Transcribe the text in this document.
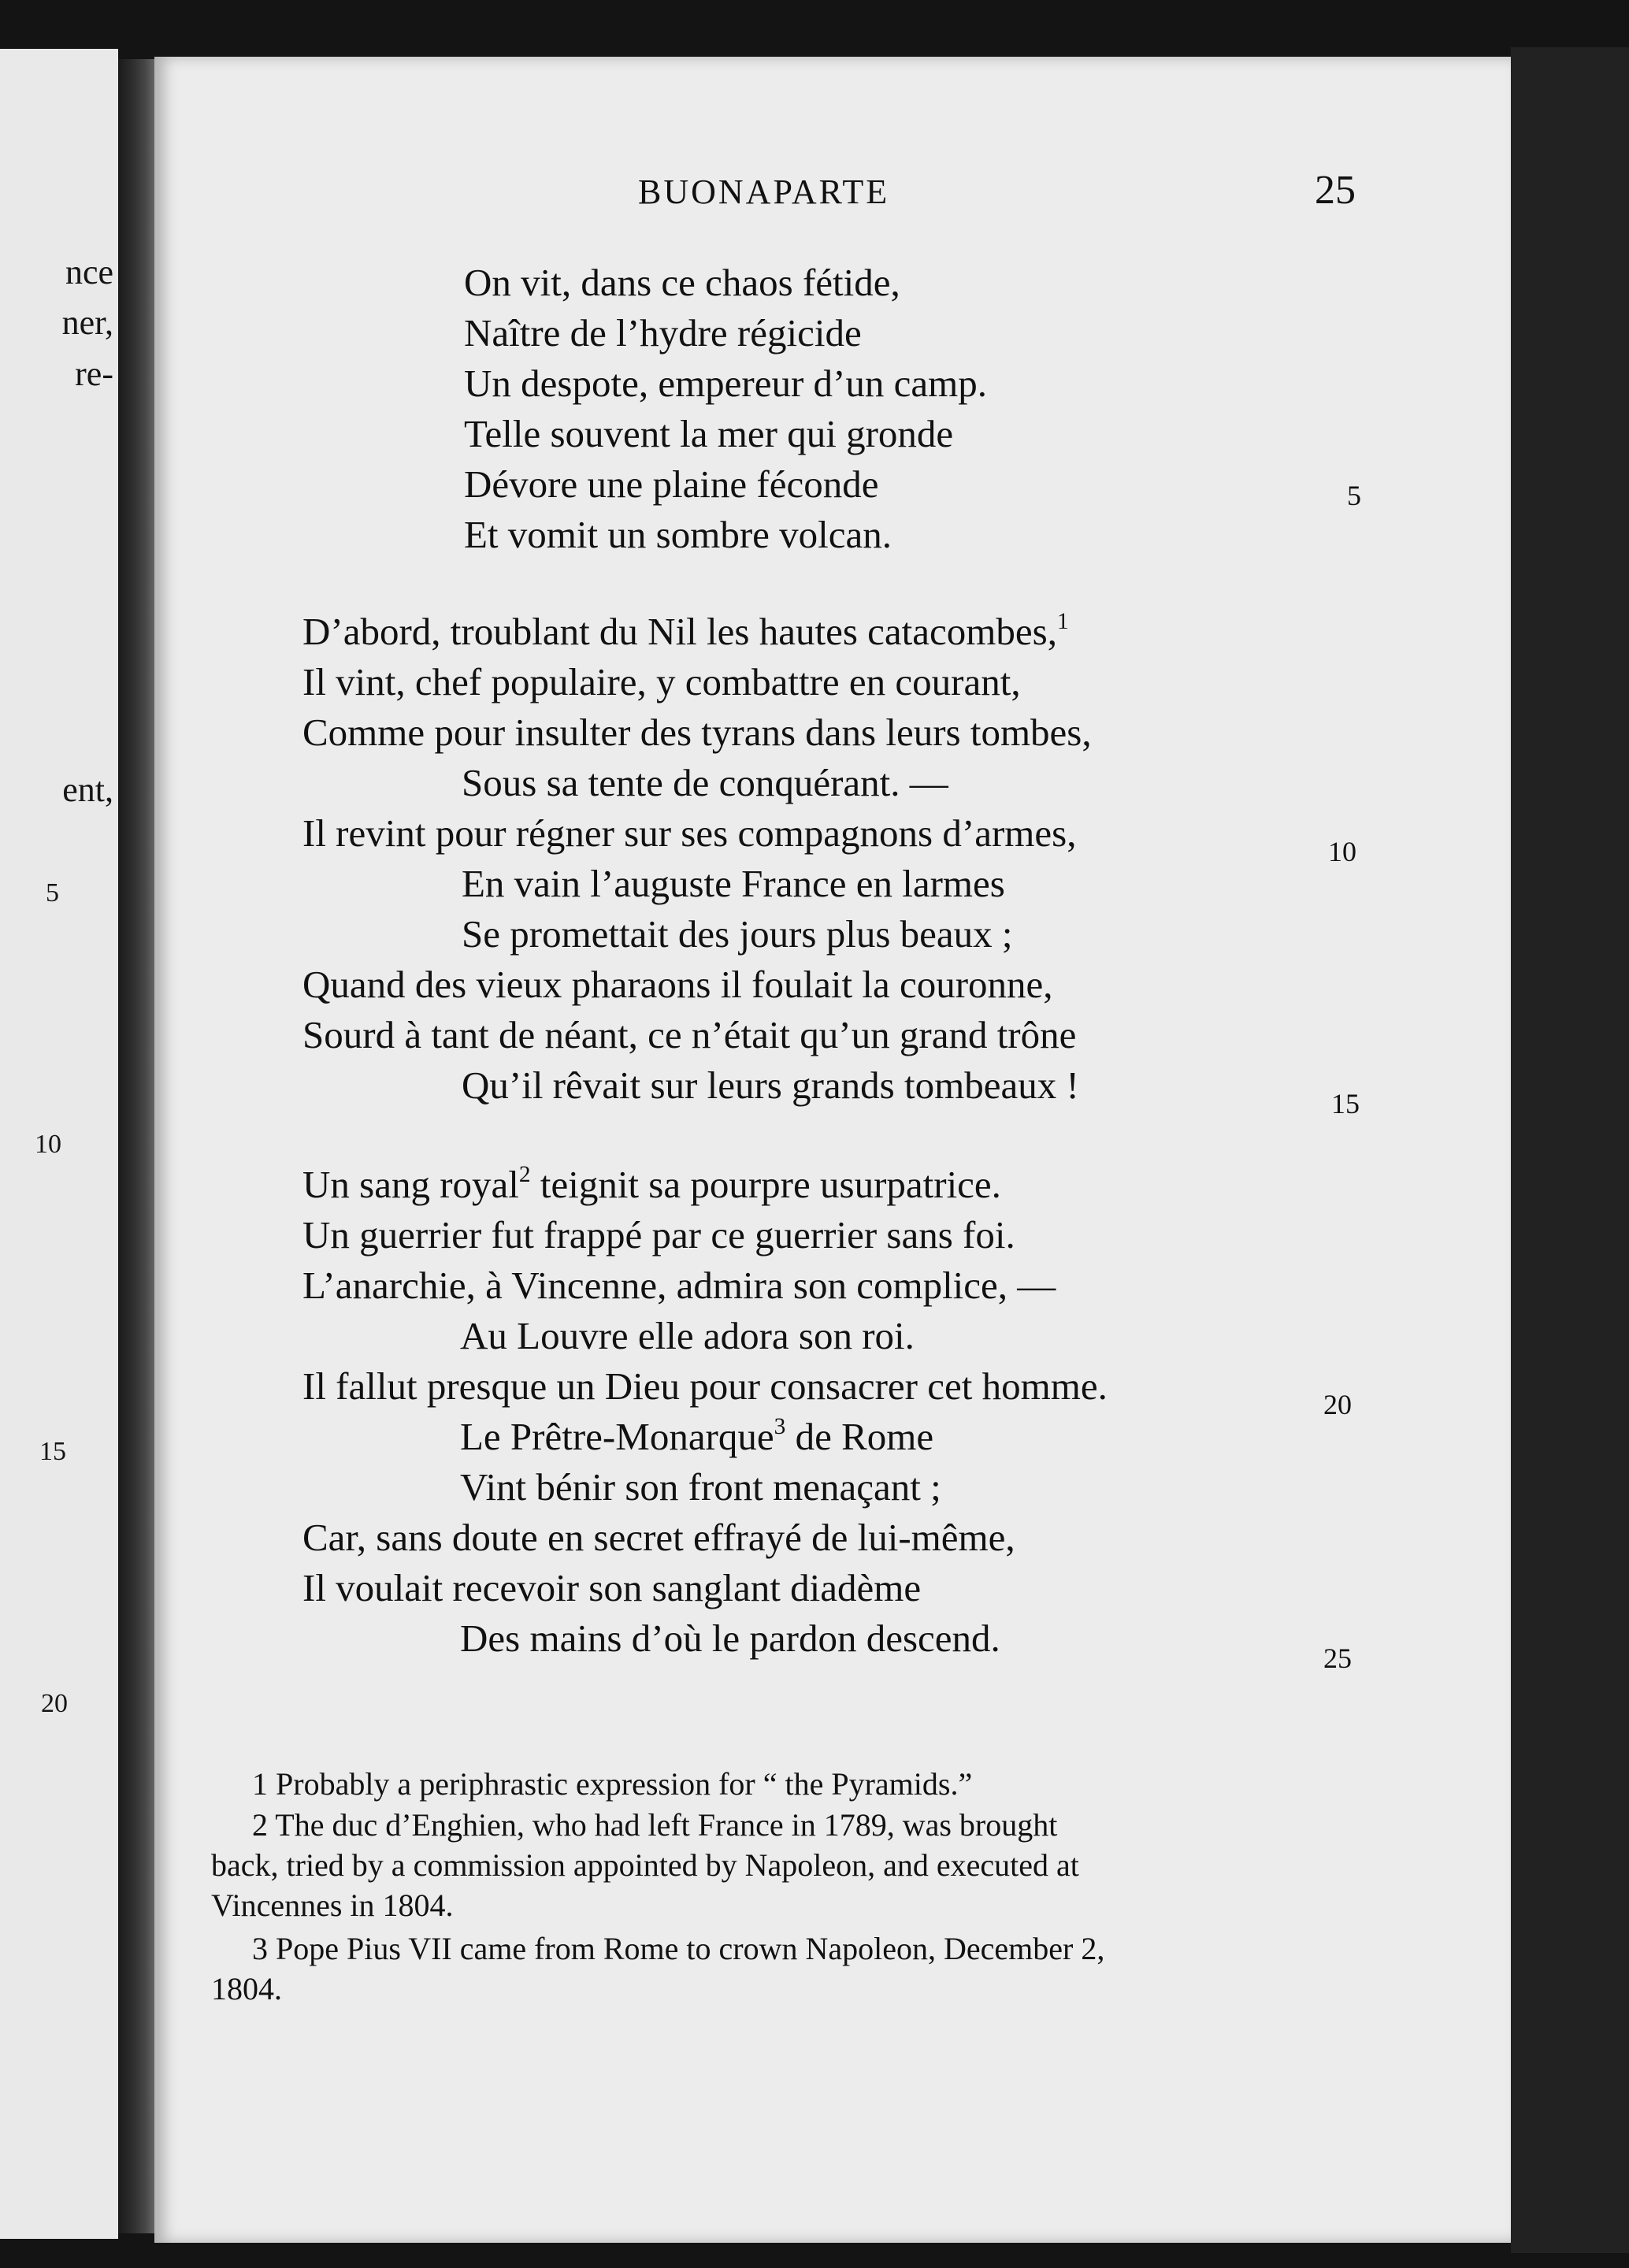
nce
ner,
re-
ent,
5
10
15
20
BUONAPARTE	25
On vit, dans ce chaos fétide,
Naître de l’hydre régicide
Un despote, empereur d’un camp.
Telle souvent la mer qui gronde
Dévore une plaine féconde
Et vomit un sombre volcan.
5
D’abord, troublant du Nil les hautes catacombes,$^1$
Il vint, chef populaire, y combattre en courant,
Comme pour insulter des tyrans dans leurs tombes,
Sous sa tente de conquérant. —
Il revint pour régner sur ses compagnons d’armes,
En vain l’auguste France en larmes
Se promettait des jours plus beaux ;
Quand des vieux pharaons il foulait la couronne,
Sourd à tant de néant, ce n’était qu’un grand trône
Qu’il rêvait sur leurs grands tombeaux !
10
15
Un sang royal$^2$ teignit sa pourpre usurpatrice.
Un guerrier fut frappé par ce guerrier sans foi.
L’anarchie, à Vincenne, admira son complice, —
Au Louvre elle adora son roi.
Il fallut presque un Dieu pour consacrer cet homme.
Le Prêtre-Monarque$^3$ de Rome
Vint bénir son front menaçant ;
Car, sans doute en secret effrayé de lui-même,
Il voulait recevoir son sanglant diadème
Des mains d’où le pardon descend.
20
25
1 Probably a periphrastic expression for “ the Pyramids.”
2 The duc d’Enghien, who had left France in 1789, was brought
back, tried by a commission appointed by Napoleon, and executed at
Vincennes in 1804.
3 Pope Pius VII came from Rome to crown Napoleon, December 2,
1804.
